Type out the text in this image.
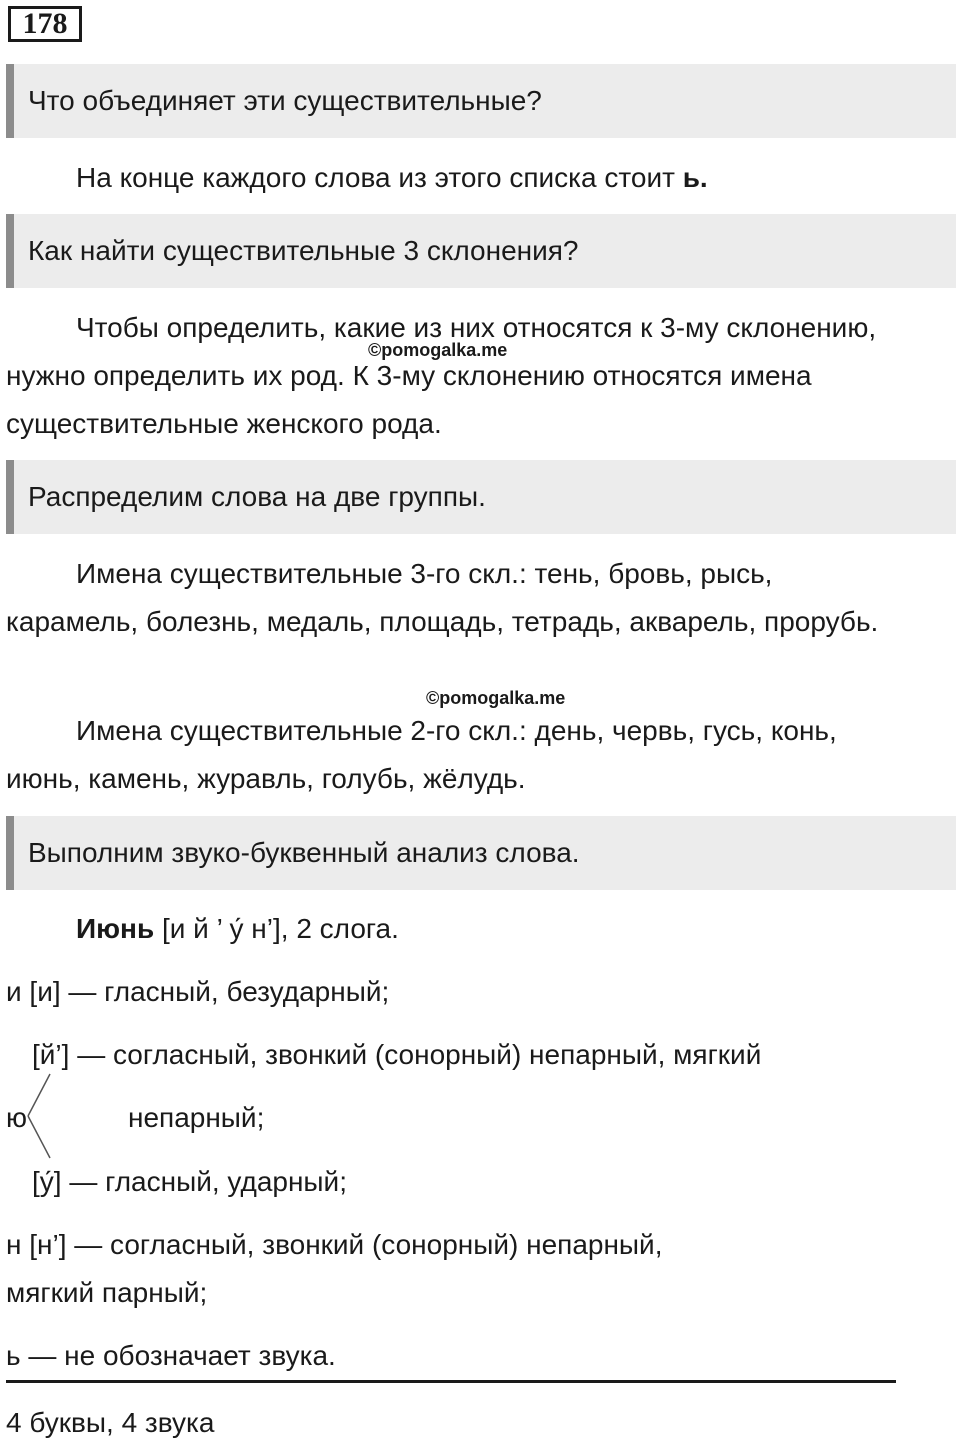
178
Что объединяет эти существительные?
На конце каждого слова из этого списка стоит ь.
Как найти существительные 3 склонения?
Чтобы определить, какие из них относятся к 3-му склонению, нужно определить их род. К 3-му склонению относятся имена существительные женского рода.
©pomogalka.me
Распределим слова на две группы.
Имена существительные 3-го скл.: тень, бровь, рысь, карамель, болезнь, медаль, площадь, тетрадь, акварель, прорубь.
©pomogalka.me
Имена существительные 2-го скл.: день, червь, гусь, конь, июнь, камень, журавль, голубь, жёлудь.
Выполним звуко-буквенный анализ слова.
Июнь [и й ’ у́ н’], 2 слога.
и [и] — гласный, безударный;
[й’] — согласный, звонкий (сонорный) непарный, мягкий
ю	непарный;
[у́] — гласный, ударный;
н [н’] — согласный, звонкий (сонорный) непарный,
мягкий парный;
ь — не обозначает звука.
4 буквы, 4 звука
